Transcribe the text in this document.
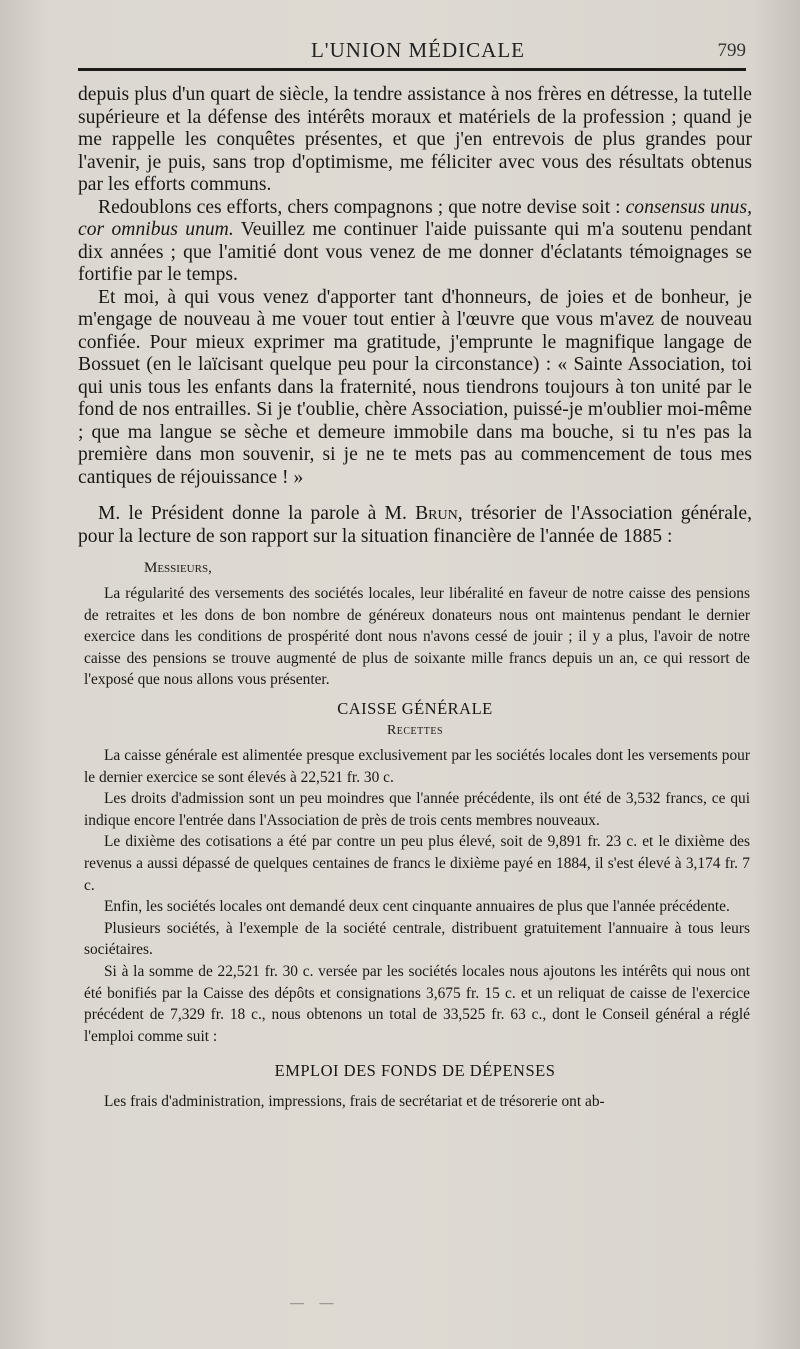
L'UNION MÉDICALE	799

depuis plus d'un quart de siècle, la tendre assistance à nos frères en détresse, la tutelle supérieure et la défense des intérêts moraux et matériels de la profession ; quand je me rappelle les conquêtes présentes, et que j'en entrevois de plus grandes pour l'avenir, je puis, sans trop d'optimisme, me féliciter avec vous des résultats obtenus par les efforts communs.

Redoublons ces efforts, chers compagnons ; que notre devise soit : consensus unus, cor omnibus unum. Veuillez me continuer l'aide puissante qui m'a soutenu pendant dix années ; que l'amitié dont vous venez de me donner d'éclatants témoignages se fortifie par le temps.

Et moi, à qui vous venez d'apporter tant d'honneurs, de joies et de bonheur, je m'engage de nouveau à me vouer tout entier à l'œuvre que vous m'avez de nouveau confiée. Pour mieux exprimer ma gratitude, j'emprunte le magnifique langage de Bossuet (en le laïcisant quelque peu pour la circonstance) : « Sainte Association, toi qui unis tous les enfants dans la fraternité, nous tiendrons toujours à ton unité par le fond de nos entrailles. Si je t'oublie, chère Association, puissé-je m'oublier moi-même ; que ma langue se sèche et demeure immobile dans ma bouche, si tu n'es pas la première dans mon souvenir, si je ne te mets pas au commencement de tous mes cantiques de réjouissance ! »

M. le Président donne la parole à M. Brun, trésorier de l'Association générale, pour la lecture de son rapport sur la situation financière de l'année de 1885 :

Messieurs,

La régularité des versements des sociétés locales, leur libéralité en faveur de notre caisse des pensions de retraites et les dons de bon nombre de généreux donateurs nous ont maintenus pendant le dernier exercice dans les conditions de prospérité dont nous n'avons cessé de jouir ; il y a plus, l'avoir de notre caisse des pensions se trouve augmenté de plus de soixante mille francs depuis un an, ce qui ressort de l'exposé que nous allons vous présenter.

CAISSE GÉNÉRALE
Recettes

La caisse générale est alimentée presque exclusivement par les sociétés locales dont les versements pour le dernier exercice se sont élevés à 22,521 fr. 30 c.

Les droits d'admission sont un peu moindres que l'année précédente, ils ont été de 3,532 francs, ce qui indique encore l'entrée dans l'Association de près de trois cents membres nouveaux.

Le dixième des cotisations a été par contre un peu plus élevé, soit de 9,891 fr. 23 c. et le dixième des revenus a aussi dépassé de quelques centaines de francs le dixième payé en 1884, il s'est élevé à 3,174 fr. 7 c.

Enfin, les sociétés locales ont demandé deux cent cinquante annuaires de plus que l'année précédente.

Plusieurs sociétés, à l'exemple de la société centrale, distribuent gratuitement l'annuaire à tous leurs sociétaires.

Si à la somme de 22,521 fr. 30 c. versée par les sociétés locales nous ajoutons les intérêts qui nous ont été bonifiés par la Caisse des dépôts et consignations 3,675 fr. 15 c. et un reliquat de caisse de l'exercice précédent de 7,329 fr. 18 c., nous obtenons un total de 33,525 fr. 63 c., dont le Conseil général a réglé l'emploi comme suit :

EMPLOI DES FONDS DE DÉPENSES

Les frais d'administration, impressions, frais de secrétariat et de trésorerie ont ab-

— —
